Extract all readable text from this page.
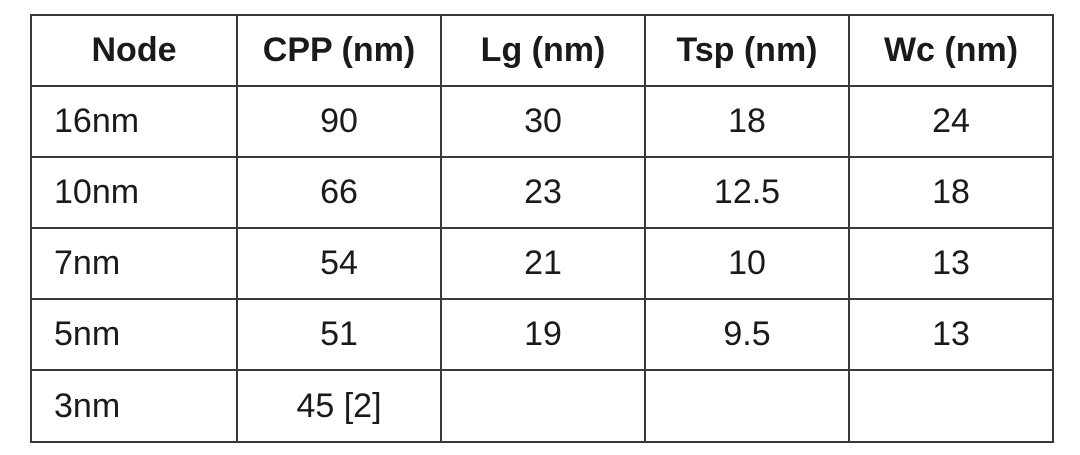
Node	CPP (nm)	Lg (nm)	Tsp (nm)	Wc (nm)
16nm	90	30	18	24
10nm	66	23	12.5	18
7nm	54	21	10	13
5nm	51	19	9.5	13
3nm	45 [2]			
